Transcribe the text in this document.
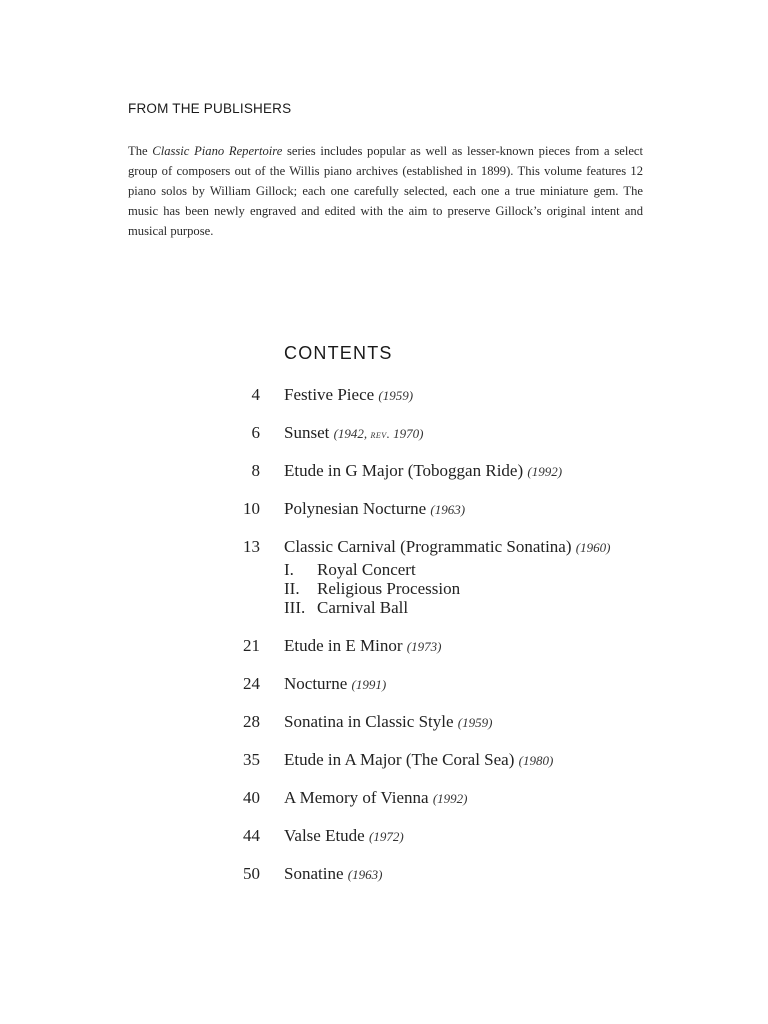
FROM THE PUBLISHERS

The Classic Piano Repertoire series includes popular as well as lesser-known pieces from a select group of composers out of the Willis piano archives (established in 1899). This volume features 12 piano solos by William Gillock; each one carefully selected, each one a true miniature gem. The music has been newly engraved and edited with the aim to preserve Gillock’s original intent and musical purpose.

CONTENTS
4 Festive Piece (1959)
6 Sunset (1942, rev. 1970)
8 Etude in G Major (Toboggan Ride) (1992)
10 Polynesian Nocturne (1963)
13 Classic Carnival (Programmatic Sonatina) (1960)
I. Royal Concert
II. Religious Procession
III. Carnival Ball
21 Etude in E Minor (1973)
24 Nocturne (1991)
28 Sonatina in Classic Style (1959)
35 Etude in A Major (The Coral Sea) (1980)
40 A Memory of Vienna (1992)
44 Valse Etude (1972)
50 Sonatine (1963)
